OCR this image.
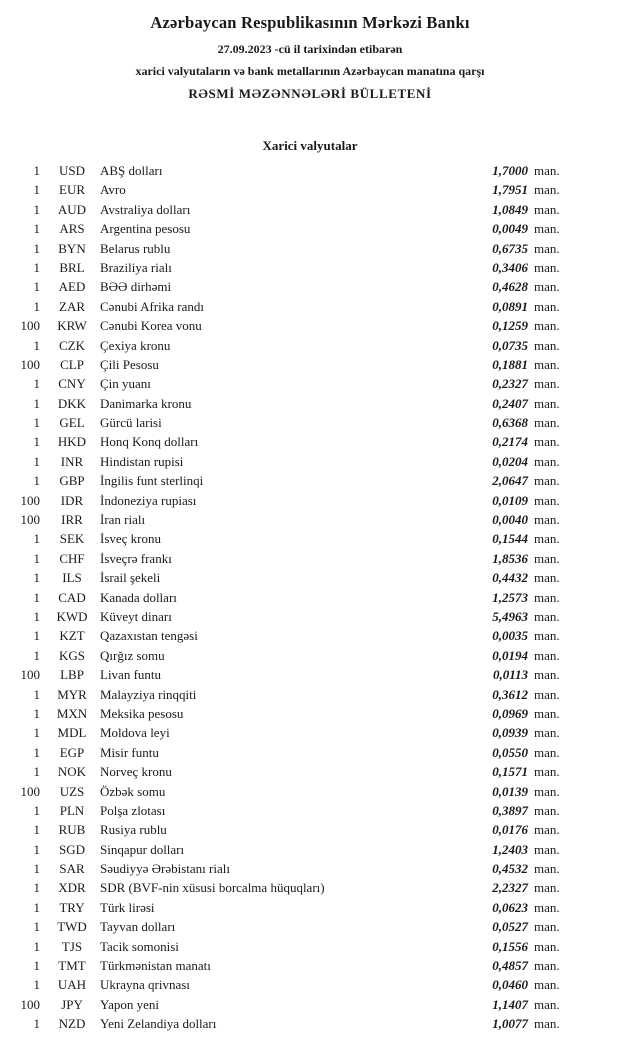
Azərbaycan Respublikasının Mərkəzi Bankı
27.09.2023 -cü il tarixindən etibarən
xarici valyutaların və bank metallarının Azərbaycan manatına qarşı
RƏSMİ MƏZƏNNƏLƏRİ BÜLLETENİ
Xarici valyutalar
1	USD	ABŞ dolları	1,7000 man.
1	EUR	Avro	1,7951 man.
1	AUD	Avstraliya dolları	1,0849 man.
1	ARS	Argentina pesosu	0,0049 man.
1	BYN	Belarus rublu	0,6735 man.
1	BRL	Braziliya rialı	0,3406 man.
1	AED	BƏƏ dirhəmi	0,4628 man.
1	ZAR	Cənubi Afrika randı	0,0891 man.
100	KRW	Cənubi Korea vonu	0,1259 man.
1	CZK	Çexiya kronu	0,0735 man.
100	CLP	Çili Pesosu	0,1881 man.
1	CNY	Çin yuanı	0,2327 man.
1	DKK	Danimarka kronu	0,2407 man.
1	GEL	Gürcü larisi	0,6368 man.
1	HKD	Honq Konq dolları	0,2174 man.
1	INR	Hindistan rupisi	0,0204 man.
1	GBP	İngilis funt sterlinqi	2,0647 man.
100	IDR	İndoneziya rupiası	0,0109 man.
100	IRR	İran rialı	0,0040 man.
1	SEK	İsveç kronu	0,1544 man.
1	CHF	İsveçrə frankı	1,8536 man.
1	ILS	İsrail şekeli	0,4432 man.
1	CAD	Kanada dolları	1,2573 man.
1	KWD Küveyt dinarı	5,4963 man.
1	KZT	Qazaxıstan tengəsi	0,0035 man.
1	KGS	Qırğız somu	0,0194 man.
100	LBP	Livan funtu	0,0113 man.
1	MYR	Malayziya rinqqiti	0,3612 man.
1	MXN Meksika pesosu	0,0969 man.
1	MDL	Moldova leyi	0,0939 man.
1	EGP	Misir funtu	0,0550 man.
1	NOK	Norveç kronu	0,1571 man.
100	UZS	Özbək somu	0,0139 man.
1	PLN	Polşa zlotası	0,3897 man.
1	RUB	Rusiya rublu	0,0176 man.
1	SGD	Sinqapur dolları	1,2403 man.
1	SAR	Səudiyyə Ərəbistanı rialı	0,4532 man.
1	XDR	SDR (BVF-nin xüsusi borcalma hüquqları)	2,2327 man.
1	TRY	Türk lirəsi	0,0623 man.
1	TWD	Tayvan dolları	0,0527 man.
1	TJS	Tacik somonisi	0,1556 man.
1	TMT	Türkmənistan manatı	0,4857 man.
1	UAH	Ukrayna qrivnası	0,0460 man.
100	JPY	Yapon yeni	1,1407 man.
1	NZD	Yeni Zelandiya dolları	1,0077 man.
